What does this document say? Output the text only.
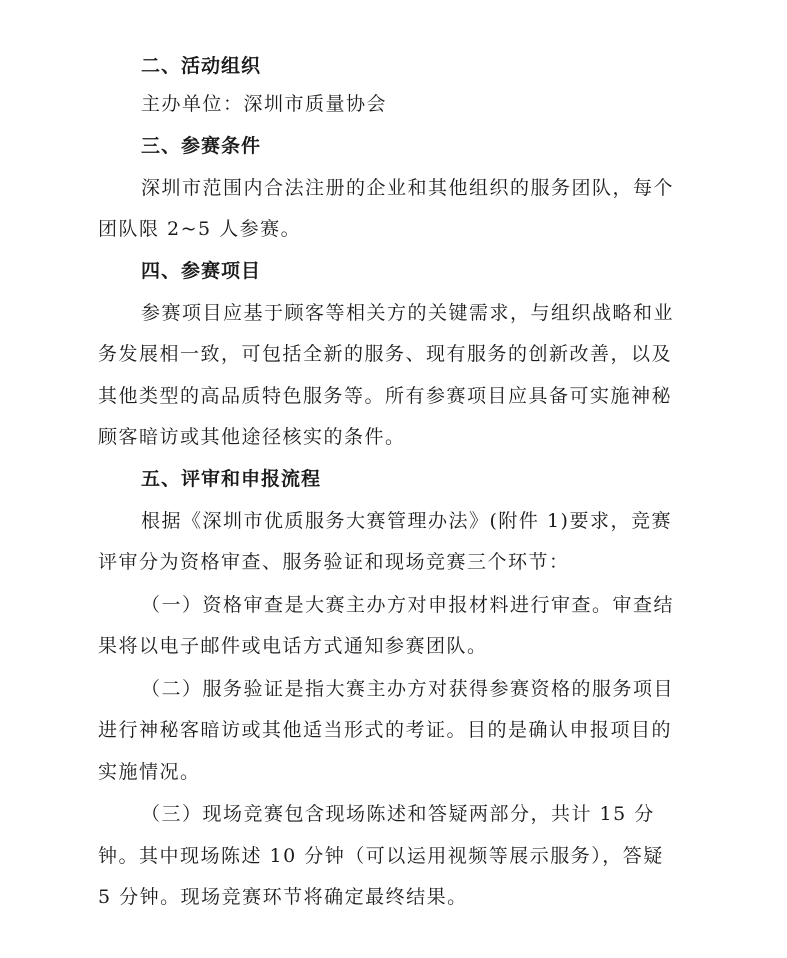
二、活动组织
主办单位：深圳市质量协会
三、参赛条件
深圳市范围内合法注册的企业和其他组织的服务团队，每个
团队限 2~5 人参赛。
四、参赛项目
参赛项目应基于顾客等相关方的关键需求，与组织战略和业
务发展相一致，可包括全新的服务、现有服务的创新改善，以及
其他类型的高品质特色服务等。所有参赛项目应具备可实施神秘
顾客暗访或其他途径核实的条件。
五、评审和申报流程
根据《深圳市优质服务大赛管理办法》(附件 1)要求，竞赛
评审分为资格审查、服务验证和现场竞赛三个环节：
（一）资格审查是大赛主办方对申报材料进行审查。审查结
果将以电子邮件或电话方式通知参赛团队。
（二）服务验证是指大赛主办方对获得参赛资格的服务项目
进行神秘客暗访或其他适当形式的考证。目的是确认申报项目的
实施情况。
（三）现场竞赛包含现场陈述和答疑两部分，共计 15 分
钟。其中现场陈述 10 分钟（可以运用视频等展示服务），答疑
5 分钟。现场竞赛环节将确定最终结果。
